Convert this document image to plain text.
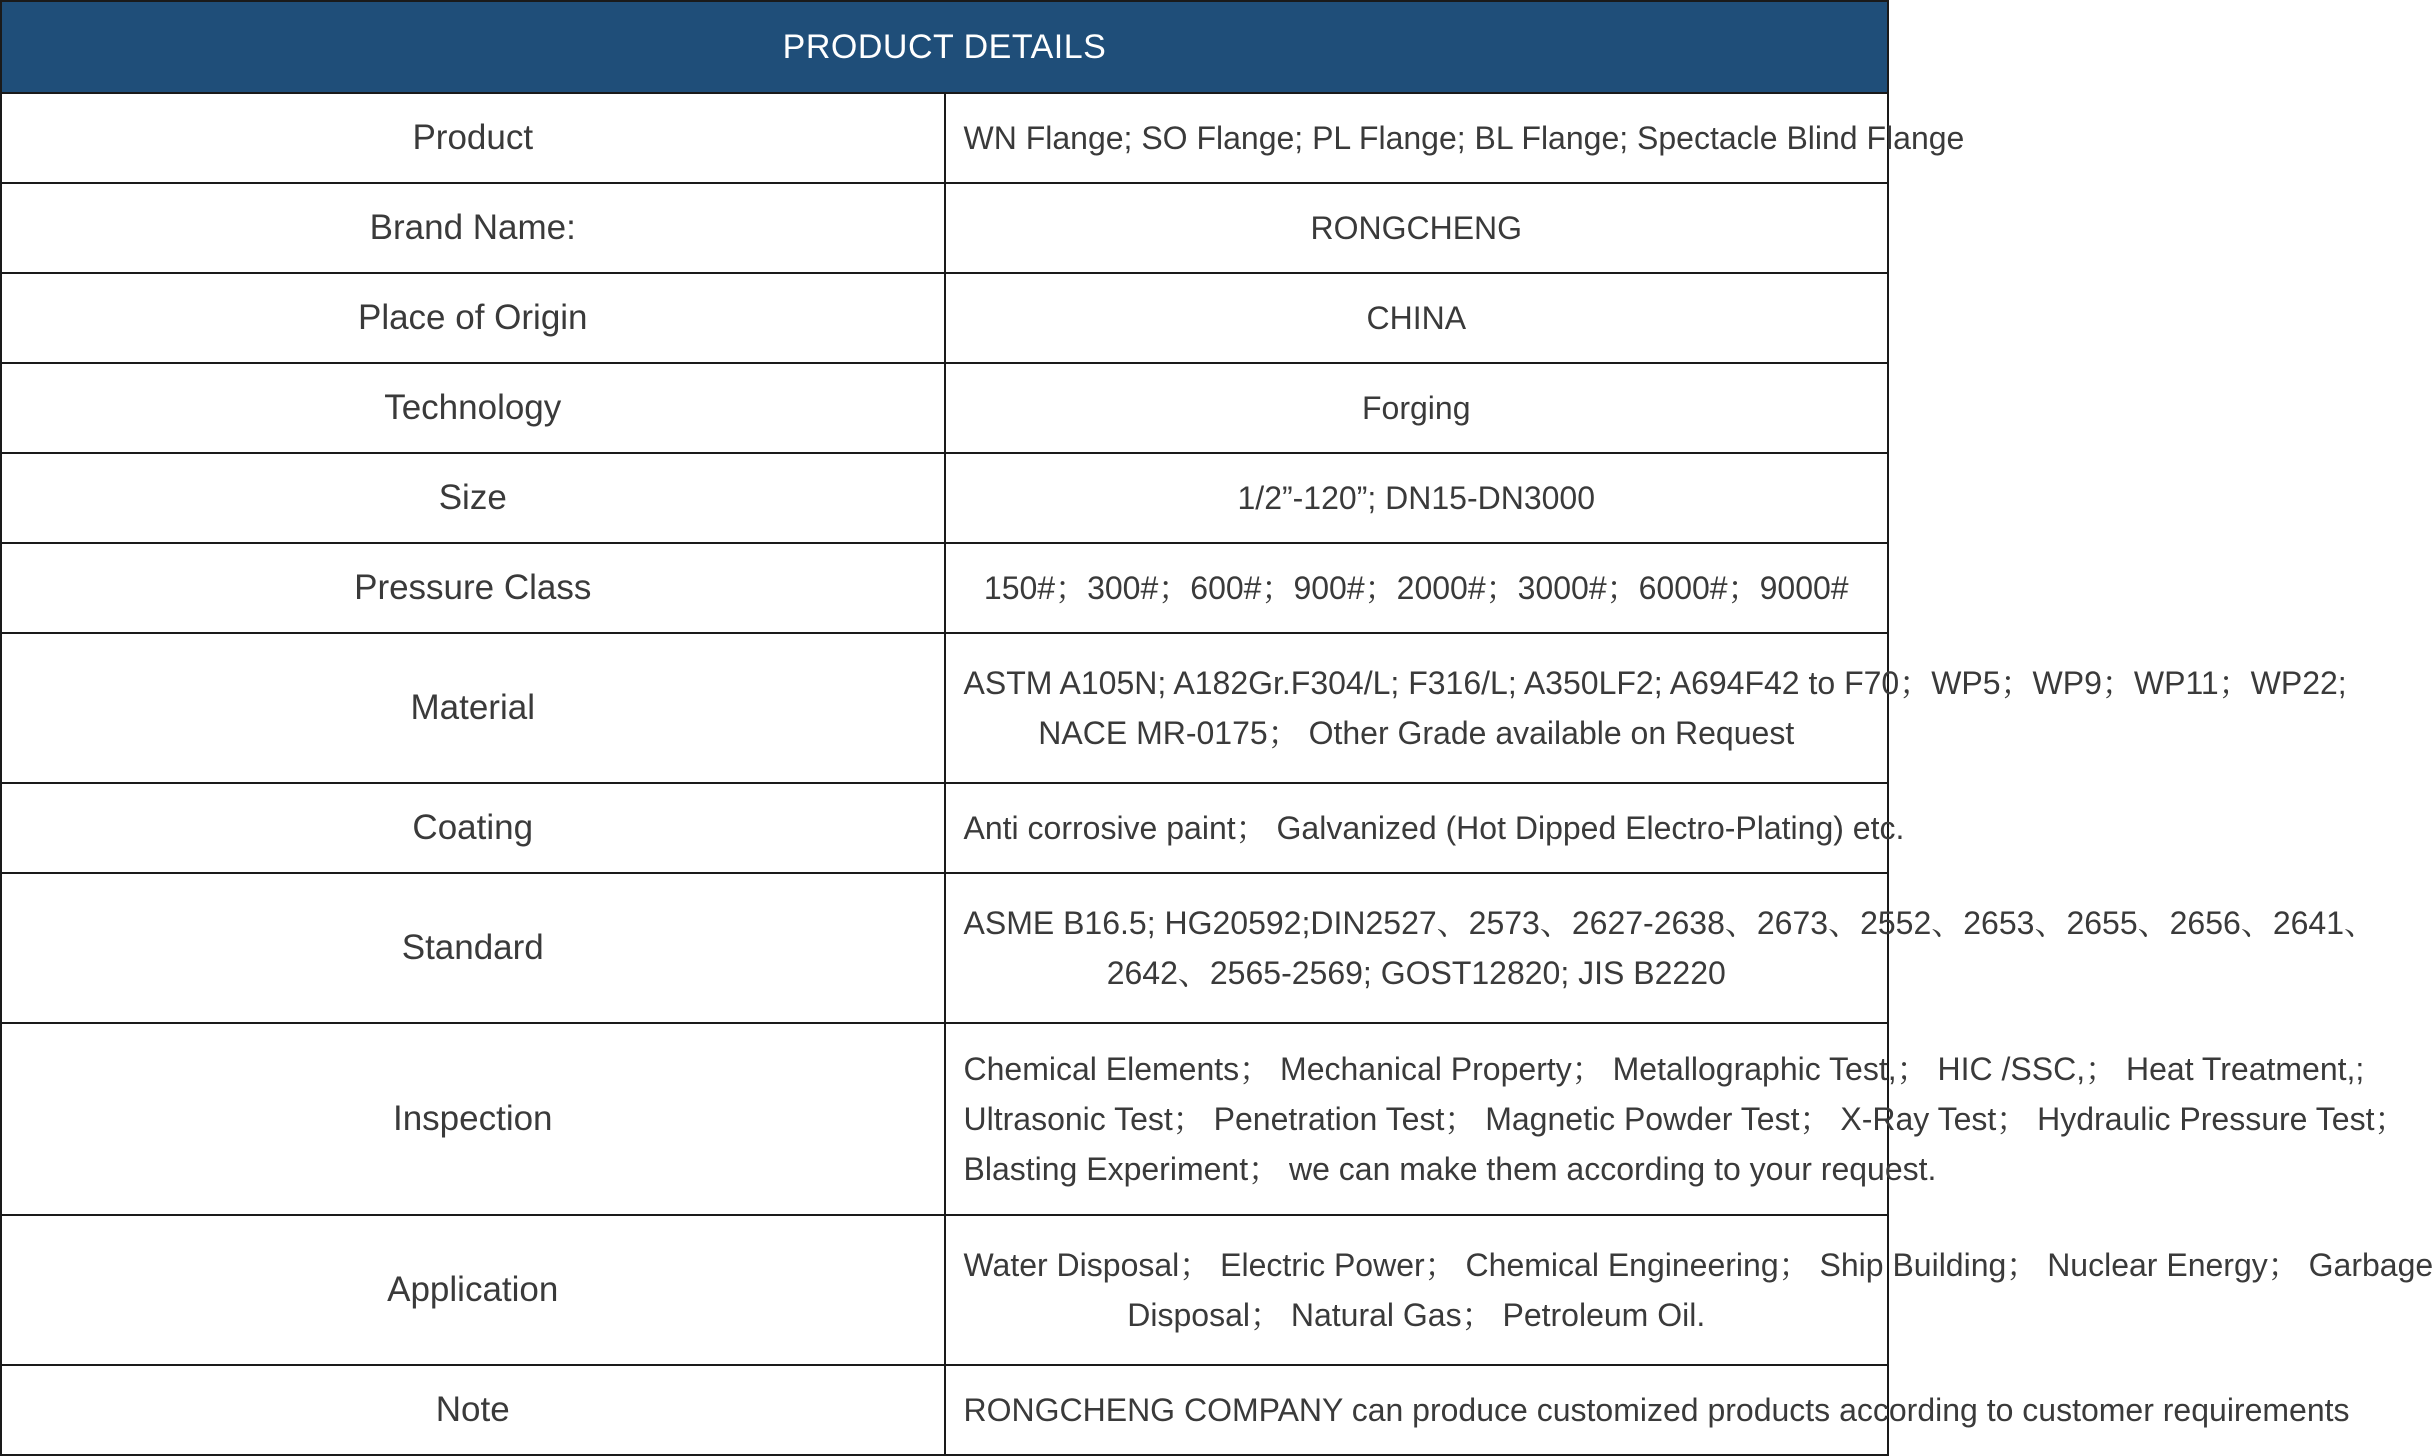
PRODUCT DETAILS	
Product	WN Flange; SO Flange; PL Flange; BL Flange; Spectacle Blind Flange

Brand Name:	RONGCHENG

Place of Origin	CHINA

Technology	Forging

Size	1/2”-120”; DN15-DN3000

Pressure Class	150#；300#；600#；900#；2000#；3000#；6000#；9000#

Material	ASTM A105N; A182Gr.F304/L; F316/L; A350LF2; A694F42 to F70；WP5；WP9；WP11；WP22;
NACE MR-0175； Other Grade available on Request

Coating	Anti corrosive paint； Galvanized (Hot Dipped Electro-Plating) etc.

Standard	ASME B16.5; HG20592;DIN2527、2573、2627-2638、2673、2552、2653、2655、2656、2641、
2642、2565-2569; GOST12820; JIS B2220

Inspection	Chemical Elements； Mechanical Property； Metallographic Test,； HIC /SSC,； Heat Treatment,;
Ultrasonic Test； Penetration Test； Magnetic Powder Test； X-Ray Test； Hydraulic Pressure Test；
Blasting Experiment； we can make them according to your request.

Application	Water Disposal； Electric Power； Chemical Engineering； Ship Building； Nuclear Energy； Garbage
Disposal； Natural Gas； Petroleum Oil.

Note	RONGCHENG COMPANY can produce customized products according to customer requirements
